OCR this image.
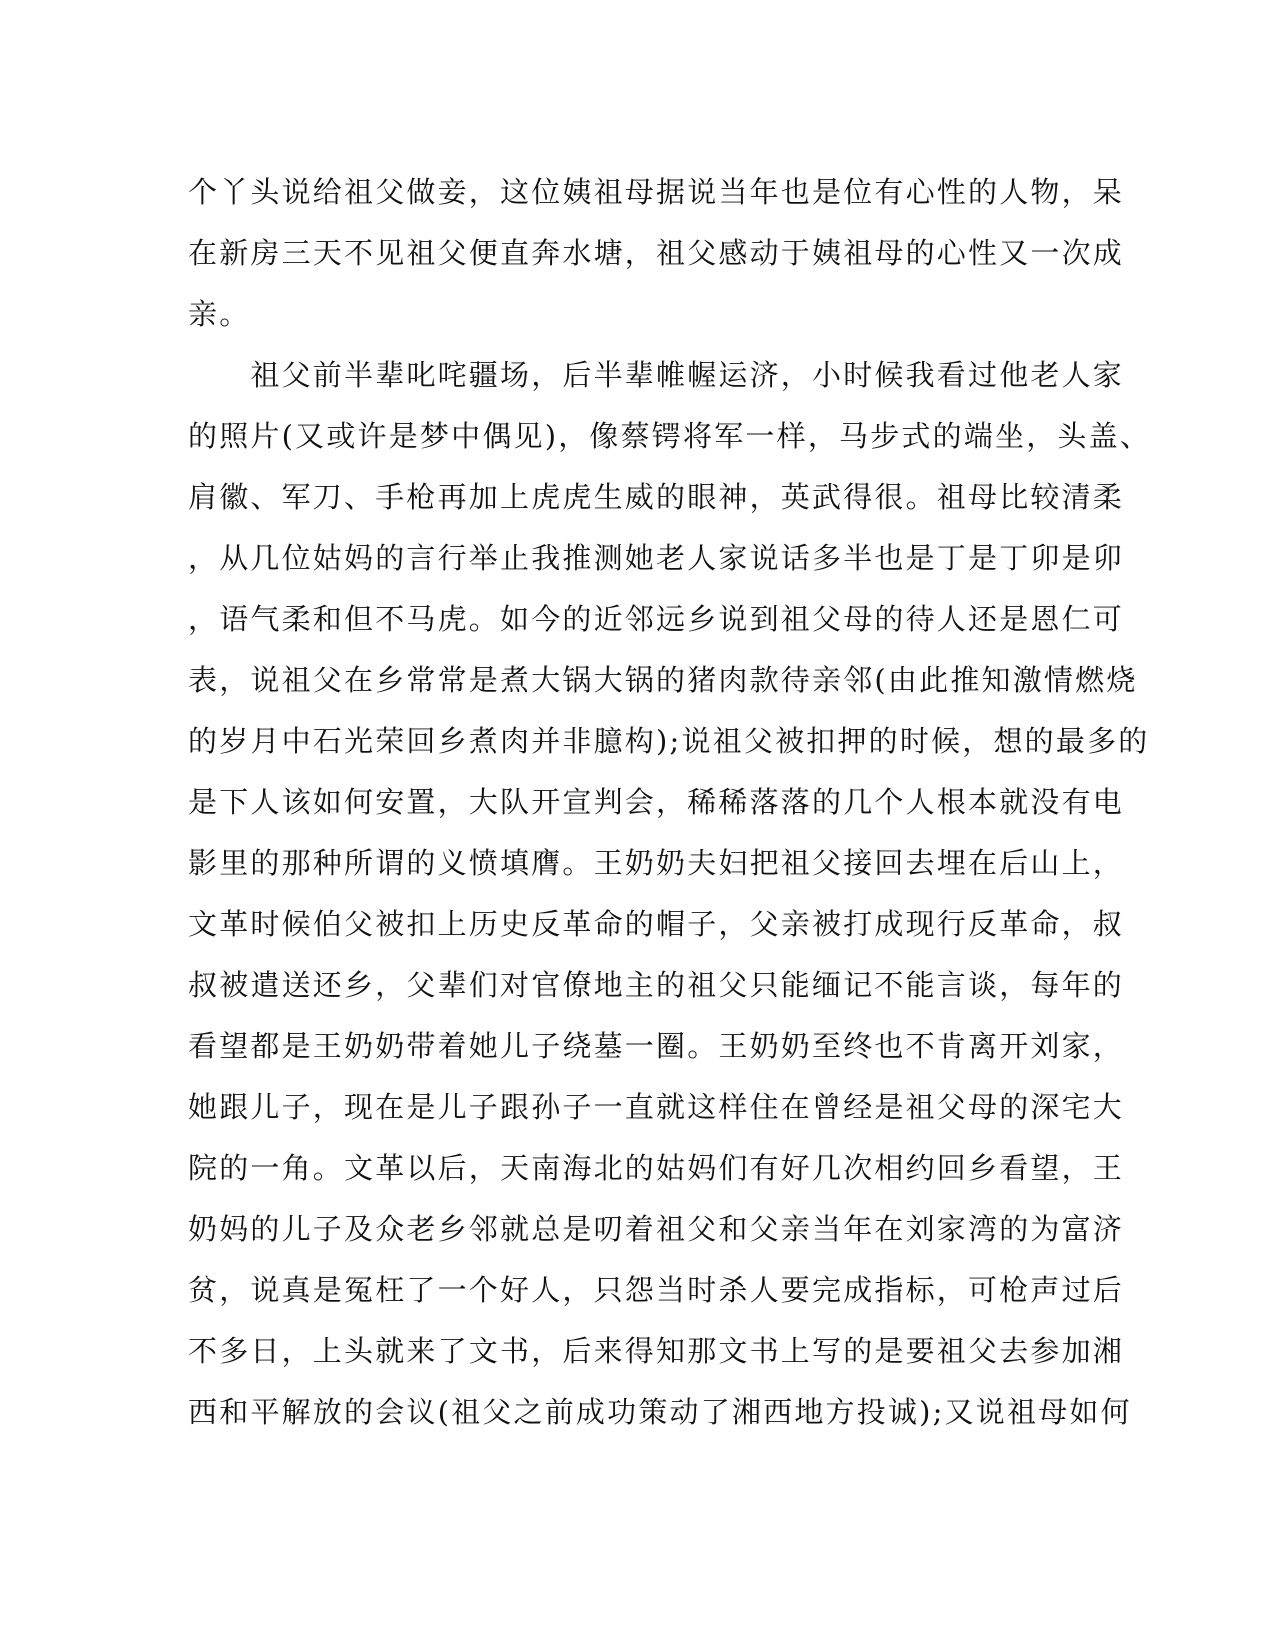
个丫头说给祖父做妾，这位姨祖母据说当年也是位有心性的人物，呆
在新房三天不见祖父便直奔水塘，祖父感动于姨祖母的心性又一次成
亲。
　　祖父前半辈叱咤疆场，后半辈帷幄运济，小时候我看过他老人家
的照片(又或许是梦中偶见)，像蔡锷将军一样，马步式的端坐，头盖、
肩徽、军刀、手枪再加上虎虎生威的眼神，英武得很。祖母比较清柔
，从几位姑妈的言行举止我推测她老人家说话多半也是丁是丁卯是卯
，语气柔和但不马虎。如今的近邻远乡说到祖父母的待人还是恩仁可
表，说祖父在乡常常是煮大锅大锅的猪肉款待亲邻(由此推知激情燃烧
的岁月中石光荣回乡煮肉并非臆构);说祖父被扣押的时候，想的最多的
是下人该如何安置，大队开宣判会，稀稀落落的几个人根本就没有电
影里的那种所谓的义愤填膺。王奶奶夫妇把祖父接回去埋在后山上，
文革时候伯父被扣上历史反革命的帽子，父亲被打成现行反革命，叔
叔被遣送还乡，父辈们对官僚地主的祖父只能缅记不能言谈，每年的
看望都是王奶奶带着她儿子绕墓一圈。王奶奶至终也不肯离开刘家，
她跟儿子，现在是儿子跟孙子一直就这样住在曾经是祖父母的深宅大
院的一角。文革以后，天南海北的姑妈们有好几次相约回乡看望，王
奶妈的儿子及众老乡邻就总是叨着祖父和父亲当年在刘家湾的为富济
贫，说真是冤枉了一个好人，只怨当时杀人要完成指标，可枪声过后
不多日，上头就来了文书，后来得知那文书上写的是要祖父去参加湘
西和平解放的会议(祖父之前成功策动了湘西地方投诚);又说祖母如何
